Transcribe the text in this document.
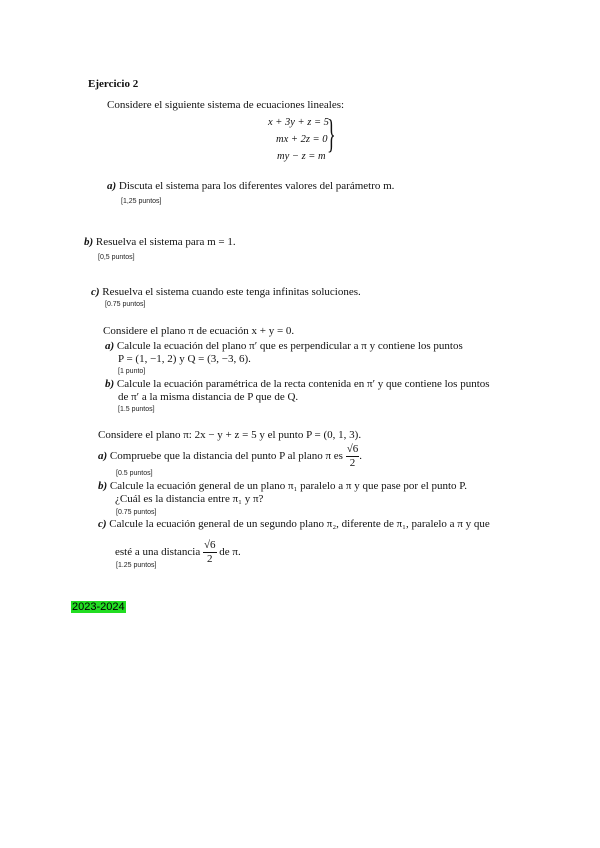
Ejercicio 2
Considere el siguiente sistema de ecuaciones lineales:
x + 3y + z = 5
mx + 2z = 0
my − z = m
}
a) Discuta el sistema para los diferentes valores del parámetro m.
[1,25 puntos]
b) Resuelva el sistema para m = 1.
[0,5 puntos]
c) Resuelva el sistema cuando este tenga infinitas soluciones.
[0.75 puntos]
Considere el plano π de ecuación x + y = 0.
a) Calcule la ecuación del plano π′ que es perpendicular a π y contiene los puntos
P = (1, −1, 2) y Q = (3, −3, 6).
[1 punto]
b) Calcule la ecuación paramétrica de la recta contenida en π′ y que contiene los puntos
de π′ a la misma distancia de P que de Q.
[1.5 puntos]
Considere el plano π: 2x − y + z = 5 y el punto P = (0, 1, 3).
a) Compruebe que la distancia del punto P al plano π es $\frac{√6}{2}$ .
[0.5 puntos]
b) Calcule la ecuación general de un plano π₁ paralelo a π y que pase por el punto P.
¿Cuál es la distancia entre π₁ y π?
[0.75 puntos]
c) Calcule la ecuación general de un segundo plano π₂, diferente de π₁, paralelo a π y que
esté a una distancia $\frac{√6}{2}$ de π.
[1.25 puntos]
2023-2024
